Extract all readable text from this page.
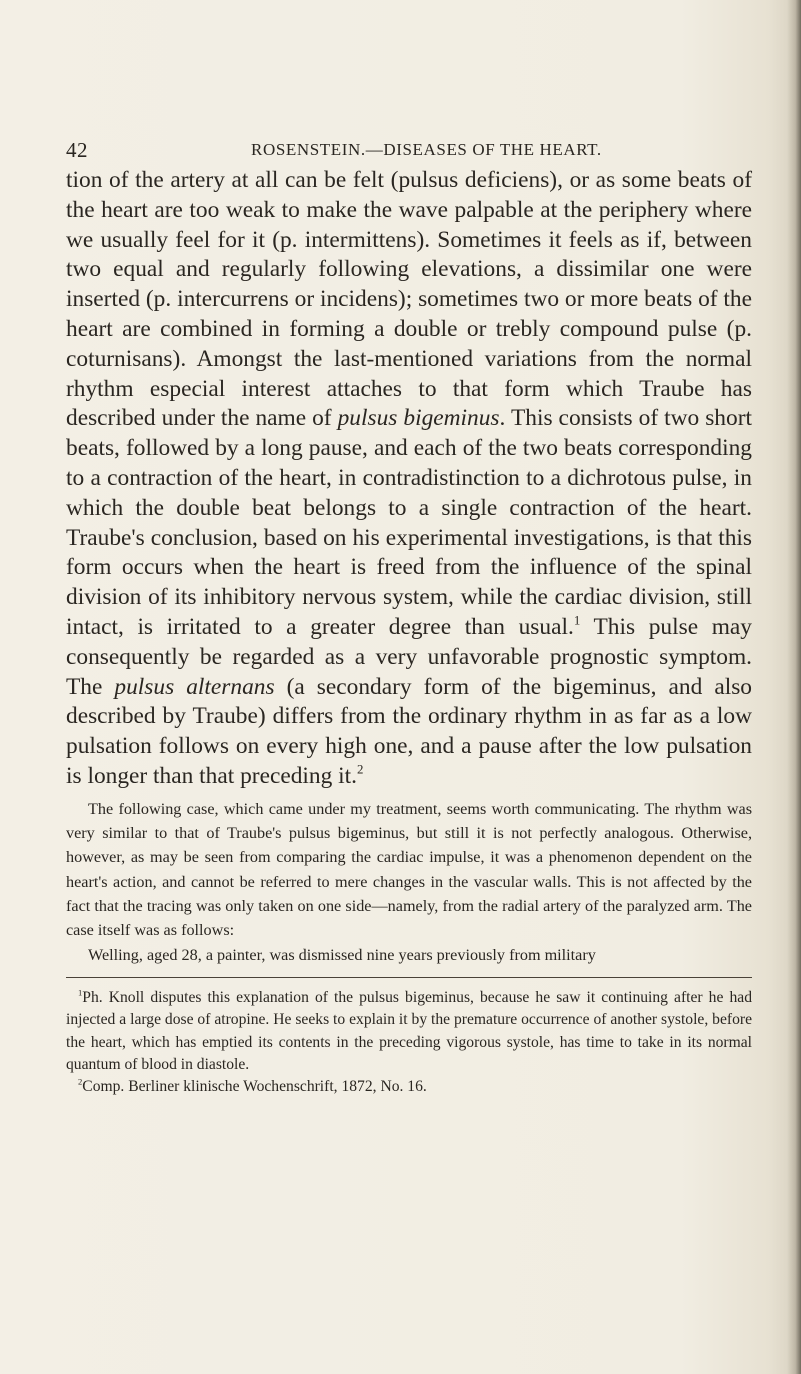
42	ROSENSTEIN.—DISEASES OF THE HEART.

tion of the artery at all can be felt (pulsus deficiens), or as some beats of the heart are too weak to make the wave palpable at the periphery where we usually feel for it (p. intermittens). Sometimes it feels as if, between two equal and regularly following elevations, a dissimilar one were inserted (p. intercurrens or incidens); sometimes two or more beats of the heart are combined in forming a double or trebly compound pulse (p. coturnisans). Amongst the last-mentioned variations from the normal rhythm especial interest attaches to that form which Traube has described under the name of pulsus bigeminus. This consists of two short beats, followed by a long pause, and each of the two beats corresponding to a contraction of the heart, in contradistinction to a dichrotous pulse, in which the double beat belongs to a single contraction of the heart. Traube's conclusion, based on his experimental investigations, is that this form occurs when the heart is freed from the influence of the spinal division of its inhibitory nervous system, while the cardiac division, still intact, is irritated to a greater degree than usual.$^1$ This pulse may consequently be regarded as a very unfavorable prognostic symptom. The pulsus alternans (a secondary form of the bigeminus, and also described by Traube) differs from the ordinary rhythm in as far as a low pulsation follows on every high one, and a pause after the low pulsation is longer than that preceding it.$^2$

The following case, which came under my treatment, seems worth communicating. The rhythm was very similar to that of Traube's pulsus bigeminus, but still it is not perfectly analogous. Otherwise, however, as may be seen from comparing the cardiac impulse, it was a phenomenon dependent on the heart's action, and cannot be referred to mere changes in the vascular walls. This is not affected by the fact that the tracing was only taken on one side—namely, from the radial artery of the paralyzed arm. The case itself was as follows:

Welling, aged 28, a painter, was dismissed nine years previously from military

$^1$Ph. Knoll disputes this explanation of the pulsus bigeminus, because he saw it continuing after he had injected a large dose of atropine. He seeks to explain it by the premature occurrence of another systole, before the heart, which has emptied its contents in the preceding vigorous systole, has time to take in its normal quantum of blood in diastole.

$^2$Comp. Berliner klinische Wochenschrift, 1872, No. 16.
